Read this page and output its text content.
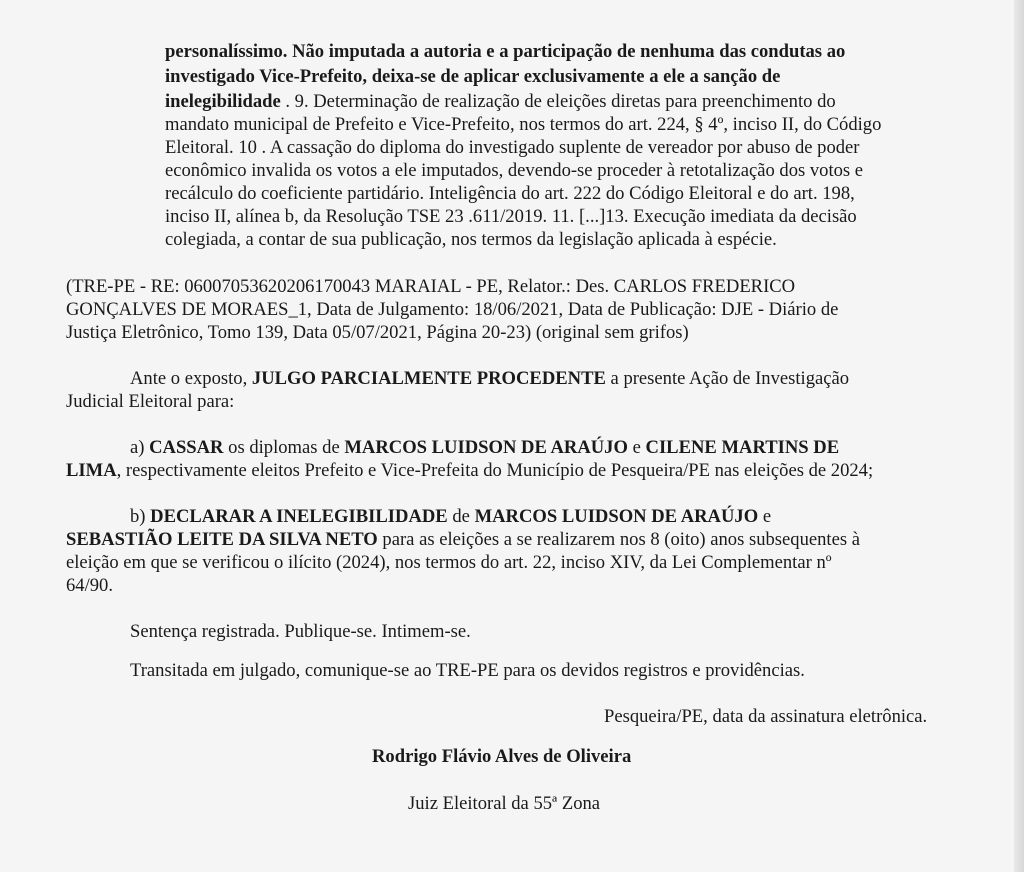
personalíssimo. Não imputada a autoria e a participação de nenhuma das condutas ao
investigado Vice-Prefeito, deixa-se de aplicar exclusivamente a ele a sanção de
inelegibilidade . 9. Determinação de realização de eleições diretas para preenchimento do
mandato municipal de Prefeito e Vice-Prefeito, nos termos do art. 224, § 4º, inciso II, do Código
Eleitoral. 10 . A cassação do diploma do investigado suplente de vereador por abuso de poder
econômico invalida os votos a ele imputados, devendo-se proceder à retotalização dos votos e
recálculo do coeficiente partidário. Inteligência do art. 222 do Código Eleitoral e do art. 198,
inciso II, alínea b, da Resolução TSE 23 .611/2019. 11. [...]13. Execução imediata da decisão
colegiada, a contar de sua publicação, nos termos da legislação aplicada à espécie.
(TRE-PE - RE: 06007053620206170043 MARAIAL - PE, Relator.: Des. CARLOS FREDERICO
GONÇALVES DE MORAES_1, Data de Julgamento: 18/06/2021, Data de Publicação: DJE - Diário de
Justiça Eletrônico, Tomo 139, Data 05/07/2021, Página 20-23) (original sem grifos)
Ante o exposto, JULGO PARCIALMENTE PROCEDENTE a presente Ação de Investigação
Judicial Eleitoral para:
a) CASSAR os diplomas de MARCOS LUIDSON DE ARAÚJO e CILENE MARTINS DE
LIMA, respectivamente eleitos Prefeito e Vice-Prefeita do Município de Pesqueira/PE nas eleições de 2024;
b) DECLARAR A INELEGIBILIDADE de MARCOS LUIDSON DE ARAÚJO e
SEBASTIÃO LEITE DA SILVA NETO para as eleições a se realizarem nos 8 (oito) anos subsequentes à
eleição em que se verificou o ilícito (2024), nos termos do art. 22, inciso XIV, da Lei Complementar nº
64/90.
Sentença registrada. Publique-se. Intimem-se.
Transitada em julgado, comunique-se ao TRE-PE para os devidos registros e providências.
Pesqueira/PE, data da assinatura eletrônica.
Rodrigo Flávio Alves de Oliveira
Juiz Eleitoral da 55ª Zona
